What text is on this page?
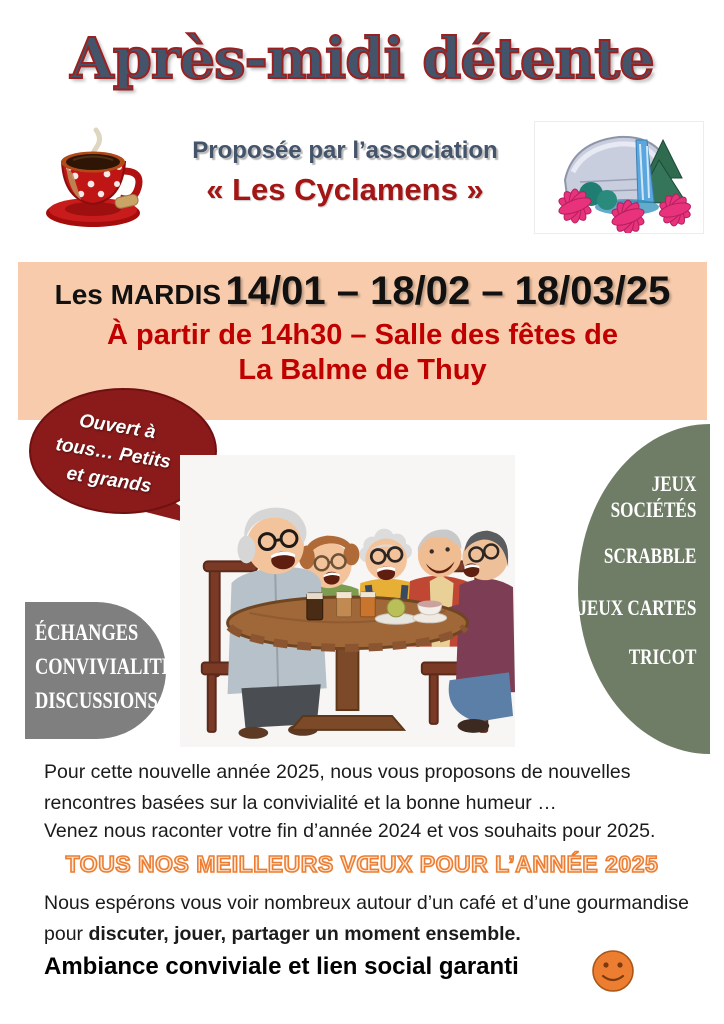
Après-midi détente
Proposée par l’association
« Les Cyclamens »
Les MARDIS 14/01 – 18/02 – 18/03/25
À partir de 14h30 – Salle des fêtes de
La Balme de Thuy
Ouvert à
tous… Petits
et grands	JEUX
SOCIÉTÉS
SCRABBLE
JEUX CARTES
TRICOT
ÉCHANGES
CONVIVIALITÉ
DISCUSSIONS
Pour cette nouvelle année 2025, nous vous proposons de nouvelles
rencontres basées sur la convivialité et la bonne humeur …
Venez nous raconter votre fin d’année 2024 et vos souhaits pour 2025.
TOUS NOS MEILLEURS VŒUX POUR L’ANNÉE 2025
Nous espérons vous voir nombreux autour d’un café et d’une gourmandise
pour discuter, jouer, partager un moment ensemble.
Ambiance conviviale et lien social garanti
